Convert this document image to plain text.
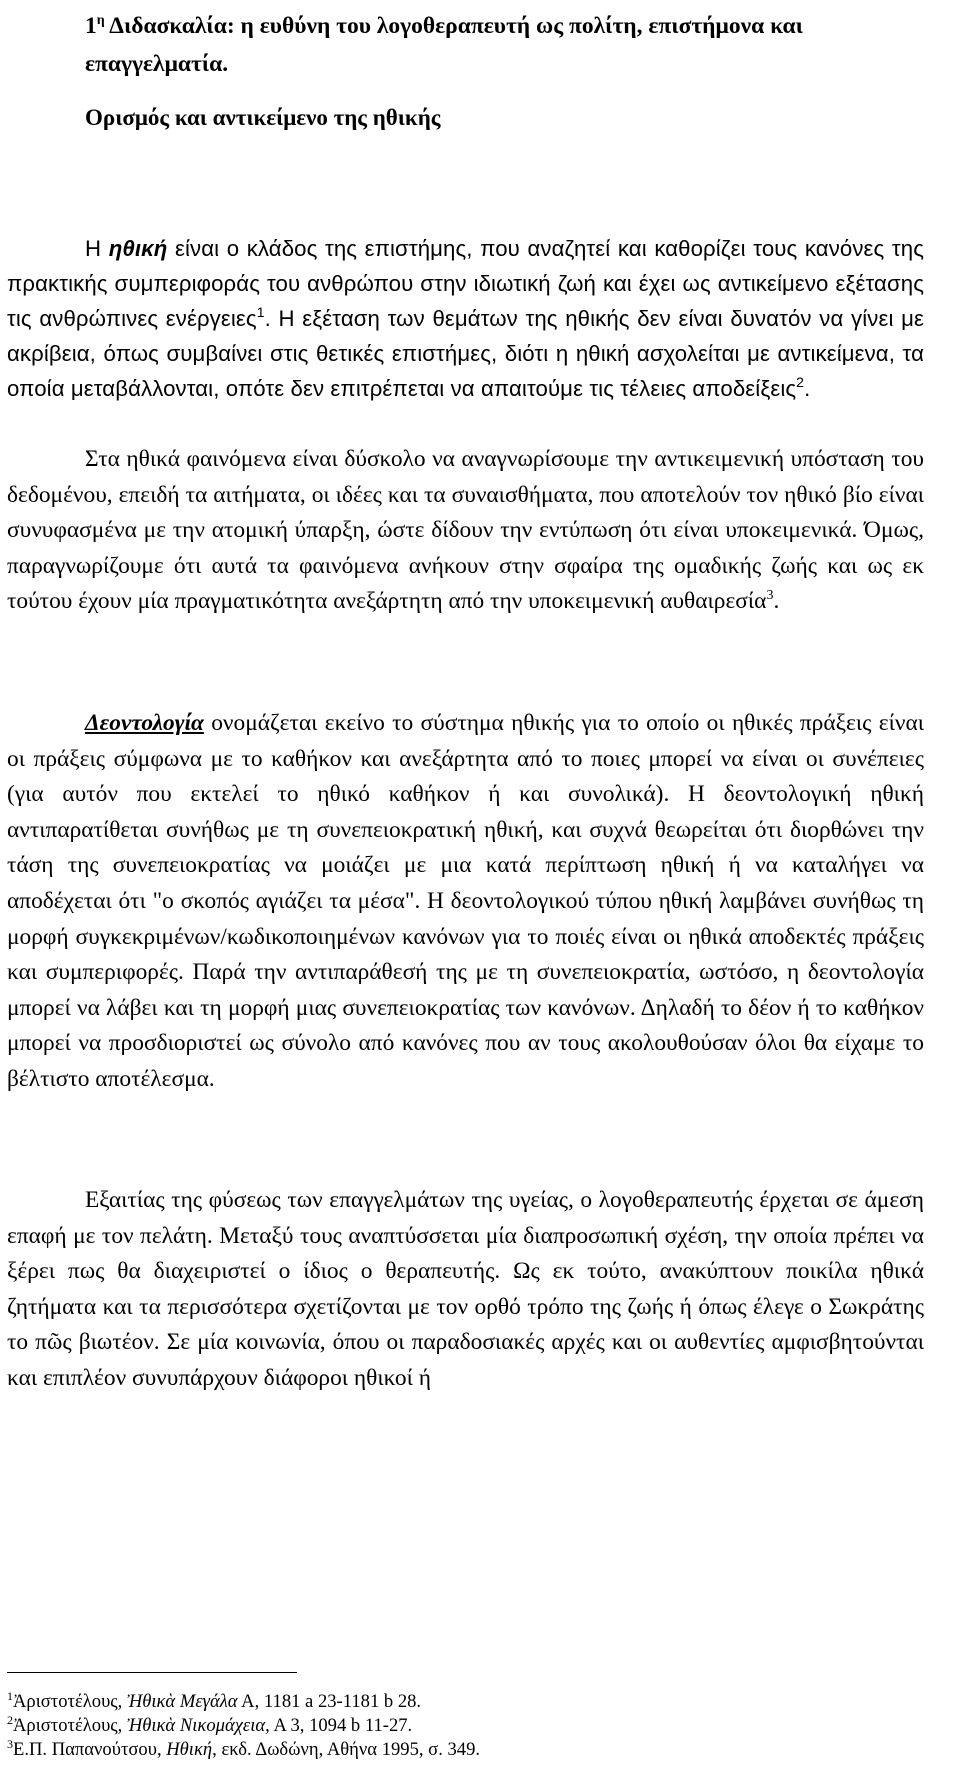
$1^\eta$ Διδασκαλία: η ευθύνη του λογοθεραπευτή ως πολίτη, επιστήμονα και επαγγελματία.
Ορισμός και αντικείμενο της ηθικής

Η ηθική είναι ο κλάδος της επιστήμης, που αναζητεί και καθορίζει τους κανόνες της πρακτικής συμπεριφοράς του ανθρώπου στην ιδιωτική ζωή και έχει ως αντικείμενο εξέτασης τις ανθρώπινες ενέργειες$^1$. Η εξέταση των θεμάτων της ηθικής δεν είναι δυνατόν να γίνει με ακρίβεια, όπως συμβαίνει στις θετικές επιστήμες, διότι η ηθική ασχολείται με αντικείμενα, τα οποία μεταβάλλονται, οπότε δεν επιτρέπεται να απαιτούμε τις τέλειες αποδείξεις$^2$.

Στα ηθικά φαινόμενα είναι δύσκολο να αναγνωρίσουμε την αντικειμενική υπόσταση του δεδομένου, επειδή τα αιτήματα, οι ιδέες και τα συναισθήματα, που αποτελούν τον ηθικό βίο είναι συνυφασμένα με την ατομική ύπαρξη, ώστε δίδουν την εντύπωση ότι είναι υποκειμενικά. Όμως, παραγνωρίζουμε ότι αυτά τα φαινόμενα ανήκουν στην σφαίρα της ομαδικής ζωής και ως εκ τούτου έχουν μία πραγματικότητα ανεξάρτητη από την υποκειμενική αυθαιρεσία$^3$.

Δεοντολογία ονομάζεται εκείνο το σύστημα ηθικής για το οποίο οι ηθικές πράξεις είναι οι πράξεις σύμφωνα με το καθήκον και ανεξάρτητα από το ποιες μπορεί να είναι οι συνέπειες (για αυτόν που εκτελεί το ηθικό καθήκον ή και συνολικά). Η δεοντολογική ηθική αντιπαρατίθεται συνήθως με τη συνεπειοκρατική ηθική, και συχνά θεωρείται ότι διορθώνει την τάση της συνεπειοκρατίας να μοιάζει με μια κατά περίπτωση ηθική ή να καταλήγει να αποδέχεται ότι "ο σκοπός αγιάζει τα μέσα". Η δεοντολογικού τύπου ηθική λαμβάνει συνήθως τη μορφή συγκεκριμένων/κωδικοποιημένων κανόνων για το ποιές είναι οι ηθικά αποδεκτές πράξεις και συμπεριφορές. Παρά την αντιπαράθεσή της με τη συνεπειοκρατία, ωστόσο, η δεοντολογία μπορεί να λάβει και τη μορφή μιας συνεπειοκρατίας των κανόνων. Δηλαδή το δέον ή το καθήκον μπορεί να προσδιοριστεί ως σύνολο από κανόνες που αν τους ακολουθούσαν όλοι θα είχαμε το βέλτιστο αποτέλεσμα.

Εξαιτίας της φύσεως των επαγγελμάτων της υγείας, ο λογοθεραπευτής έρχεται σε άμεση επαφή με τον πελάτη. Μεταξύ τους αναπτύσσεται μία διαπροσωπική σχέση, την οποία πρέπει να ξέρει πως θα διαχειριστεί ο ίδιος ο θεραπευτής. Ως εκ τούτο, ανακύπτουν ποικίλα ηθικά ζητήματα και τα περισσότερα σχετίζονται με τον ορθό τρόπο της ζωής ή όπως έλεγε ο Σωκράτης το πῶς βιωτέον. Σε μία κοινωνία, όπου οι παραδοσιακές αρχές και οι αυθεντίες αμφισβητούνται και επιπλέον συνυπάρχουν διάφοροι ηθικοί ή

$^1$Ἀριστοτέλους, Ἠθικὰ Μεγάλα Α, 1181 a 23-1181 b 28.

$^2$Ἀριστοτέλους, Ἠθικὰ Νικομάχεια, Α 3, 1094 b 11-27.

$^3$Ε.Π. Παπανούτσου, Ηθική, εκδ. Δωδώνη, Αθήνα 1995, σ. 349.
